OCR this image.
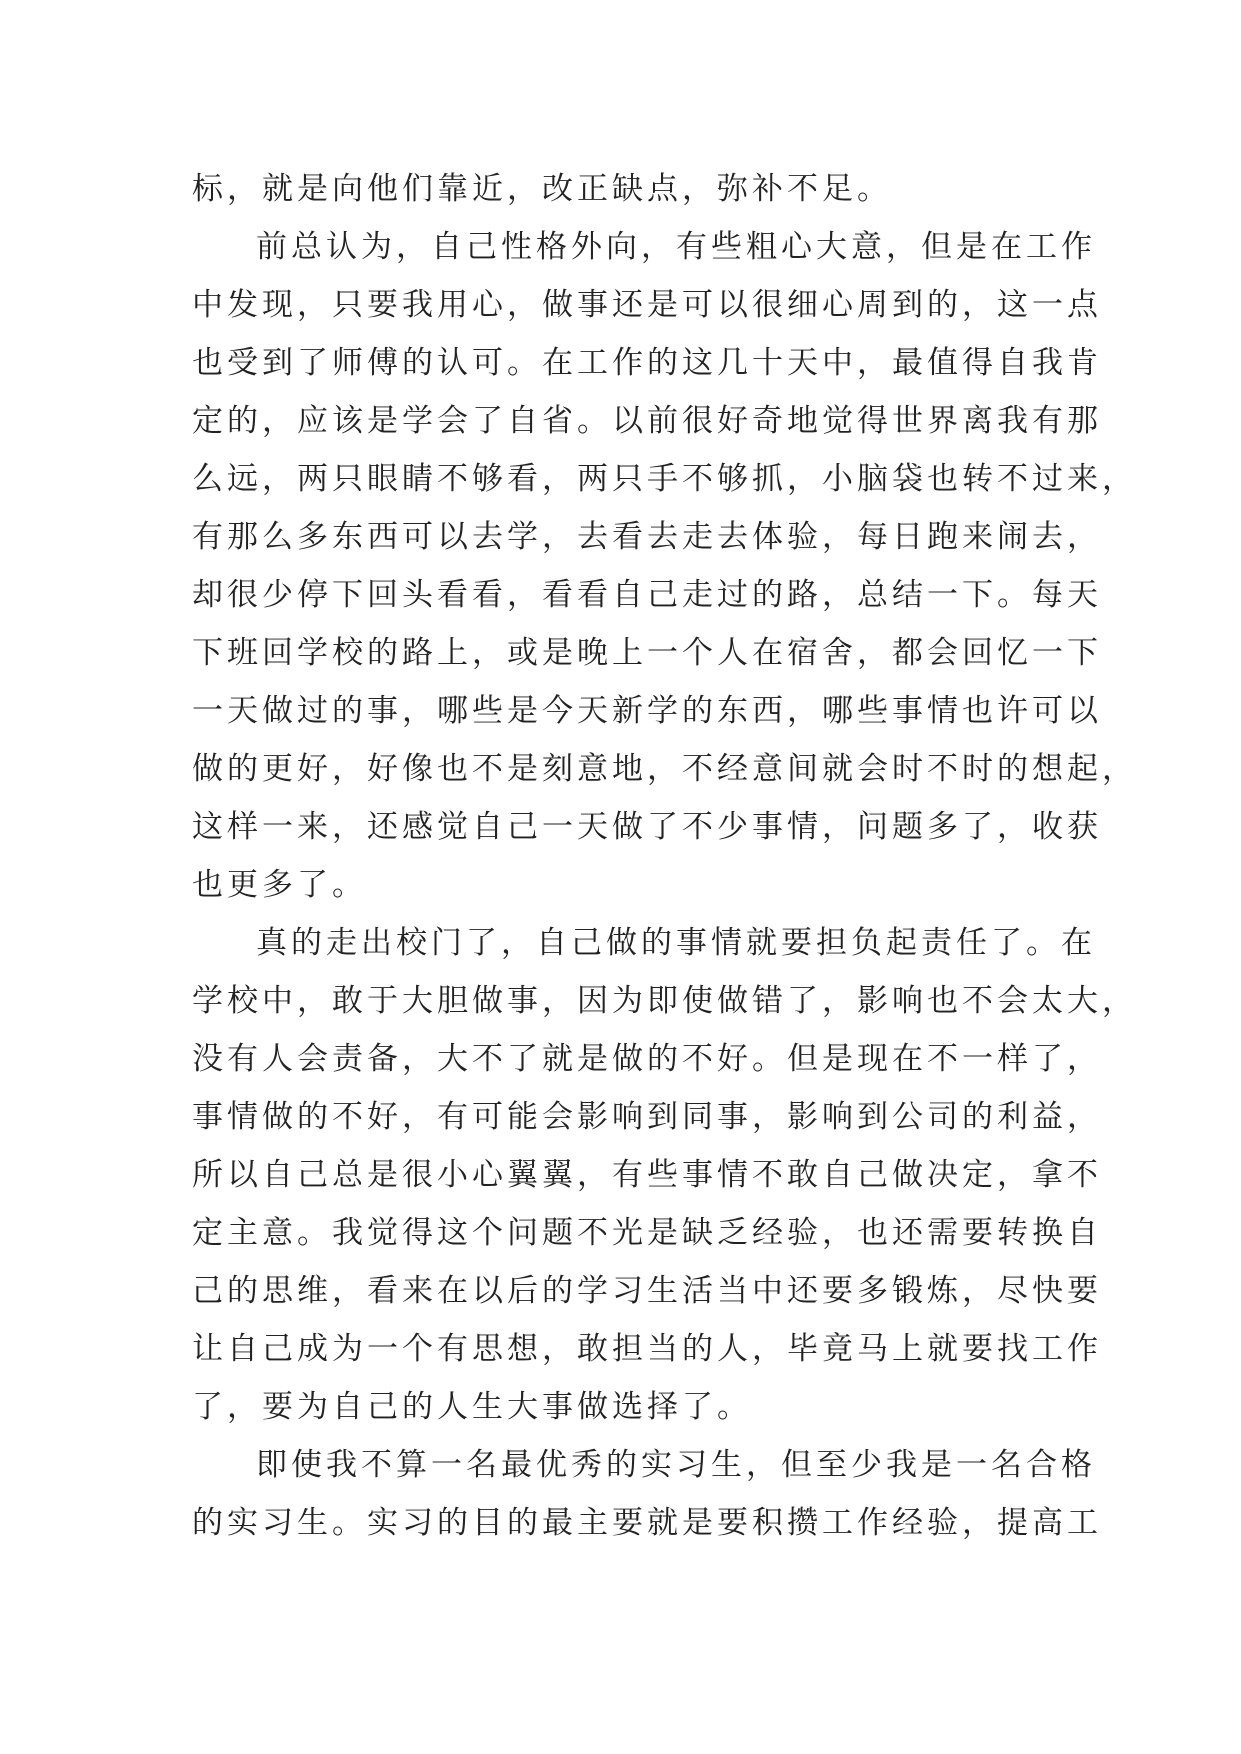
标，就是向他们靠近，改正缺点，弥补不足。
前总认为，自己性格外向，有些粗心大意，但是在工作
中发现，只要我用心，做事还是可以很细心周到的，这一点
也受到了师傅的认可。在工作的这几十天中，最值得自我肯
定的，应该是学会了自省。以前很好奇地觉得世界离我有那
么远，两只眼睛不够看，两只手不够抓，小脑袋也转不过来，
有那么多东西可以去学，去看去走去体验，每日跑来闹去，
却很少停下回头看看，看看自己走过的路，总结一下。每天
下班回学校的路上，或是晚上一个人在宿舍，都会回忆一下
一天做过的事，哪些是今天新学的东西，哪些事情也许可以
做的更好，好像也不是刻意地，不经意间就会时不时的想起，
这样一来，还感觉自己一天做了不少事情，问题多了，收获
也更多了。
真的走出校门了，自己做的事情就要担负起责任了。在
学校中，敢于大胆做事，因为即使做错了，影响也不会太大，
没有人会责备，大不了就是做的不好。但是现在不一样了，
事情做的不好，有可能会影响到同事，影响到公司的利益，
所以自己总是很小心翼翼，有些事情不敢自己做决定，拿不
定主意。我觉得这个问题不光是缺乏经验，也还需要转换自
己的思维，看来在以后的学习生活当中还要多锻炼，尽快要
让自己成为一个有思想，敢担当的人，毕竟马上就要找工作
了，要为自己的人生大事做选择了。
即使我不算一名最优秀的实习生，但至少我是一名合格
的实习生。实习的目的最主要就是要积攒工作经验，提高工
